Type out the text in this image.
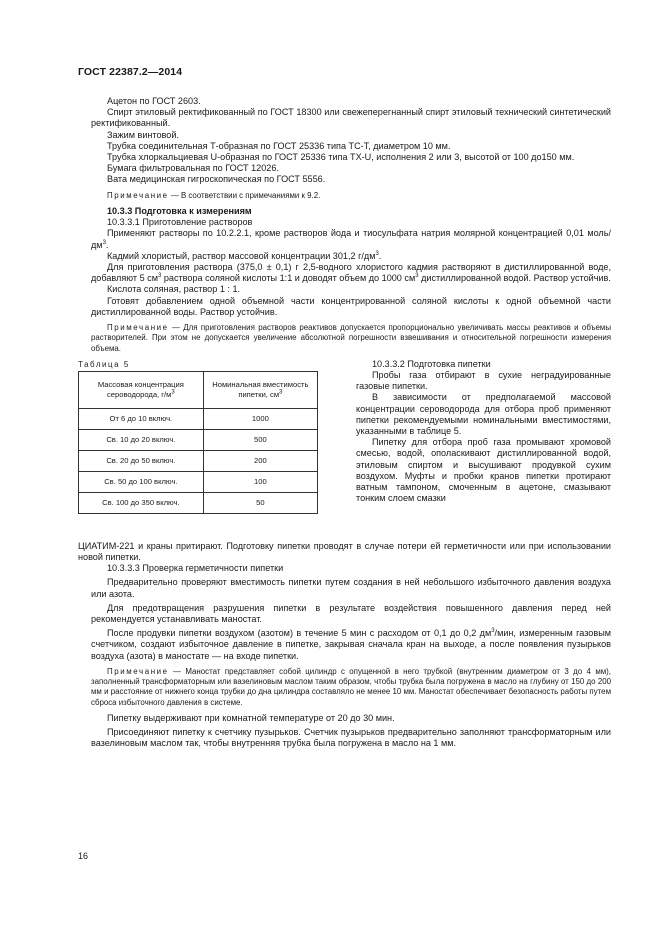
ГОСТ 22387.2—2014

Ацетон по ГОСТ 2603.

Спирт этиловый ректификованный по ГОСТ 18300 или свежеперегнанный спирт этиловый технический синтетический ректификованный.

Зажим винтовой.

Трубка соединительная Т-образная по ГОСТ 25336 типа ТС-Т, диаметром 10 мм.

Трубка хлоркальциевая U-образная по ГОСТ 25336 типа ТХ-U, исполнения 2 или 3, высотой от 100 до150 мм.

Бумага фильтровальная по ГОСТ 12026.

Вата медицинская гигроскопическая по ГОСТ 5556.

Примечание — В соответствии с примечаниями к 9.2.

10.3.3 Подготовка к измерениям

10.3.3.1 Приготовление растворов

Применяют растворы по 10.2.2.1, кроме растворов йода и тиосульфата натрия молярной концентрацией 0,01 моль/$дм^3$.

Кадмий хлористый, раствор массовой концентрации 301,2 $г/дм^3$.

Для приготовления раствора (375,0 ± 0,1) г 2,5-водного хлористого кадмия растворяют в дистиллированной воде, добавляют 5 $см^3$ раствора соляной кислоты 1:1 и доводят объем до 1000 $см^3$ дистиллированной водой. Раствор устойчив.

Кислота соляная, раствор 1 : 1.

Готовят добавлением одной объемной части концентрированной соляной кислоты к одной объемной части дистиллированной воды. Раствор устойчив.

Примечание — Для приготовления растворов реактивов допускается пропорционально увеличивать массы реактивов и объемы растворителей. При этом не допускается увеличение абсолютной погрешности взвешивания и относительной погрешности измерения объема.

Таблица 5
Массовая концентрация сероводорода, $г/м^3$	Номинальная вместимость пипетки, $см^3$
От 6 до 10 включ.	1000
Св. 10 до 20 включ.	500
Св. 20 до 50 включ.	200
Св. 50 до 100 включ.	100
Св. 100 до 350 включ.	50

10.3.3.2 Подготовка пипетки

Пробы газа отбирают в сухие неградуированные газовые пипетки.

В зависимости от предполагаемой массовой концентрации сероводорода для отбора проб применяют пипетки рекомендуемыми номинальными вместимостями, указанными в таблице 5.

Пипетку для отбора проб газа промывают хромовой смесью, водой, ополаскивают дистиллированной водой, этиловым спиртом и высушивают продувкой сухим воздухом. Муфты и пробки кранов пипетки протирают ватным тампоном, смоченным в ацетоне, смазывают тонким слоем смазки

ЦИАТИМ-221 и краны притирают. Подготовку пипетки проводят в случае потери ей герметичности или при использовании новой пипетки.

10.3.3.3 Проверка герметичности пипетки

Предварительно проверяют вместимость пипетки путем создания в ней небольшого избыточного давления воздуха или азота.

Для предотвращения разрушения пипетки в результате воздействия повышенного давления перед ней рекомендуется устанавливать маностат.

После продувки пипетки воздухом (азотом) в течение 5 мин с расходом от 0,1 до 0,2 $дм^3$/мин, измеренным газовым счетчиком, создают избыточное давление в пипетке, закрывая сначала кран на выходе, а после появления пузырьков воздуха (азота) в маностате — на входе пипетки.

Примечание — Маностат представляет собой цилиндр с опущенной в него трубкой (внутренним диаметром от 3 до 4 мм), заполненный трансформаторным или вазелиновым маслом таким образом, чтобы трубка была погружена в масло на глубину от 150 до 200 мм и расстояние от нижнего конца трубки до дна цилиндра составляло не менее 10 мм. Маностат обеспечивает безопасность работы путем сброса избыточного давления в системе.

Пипетку выдерживают при комнатной температуре от 20 до 30 мин.

Присоединяют пипетку к счетчику пузырьков. Счетчик пузырьков предварительно заполняют трансформаторным или вазелиновым маслом так, чтобы внутренняя трубка была погружена в масло на 1 мм.

16
